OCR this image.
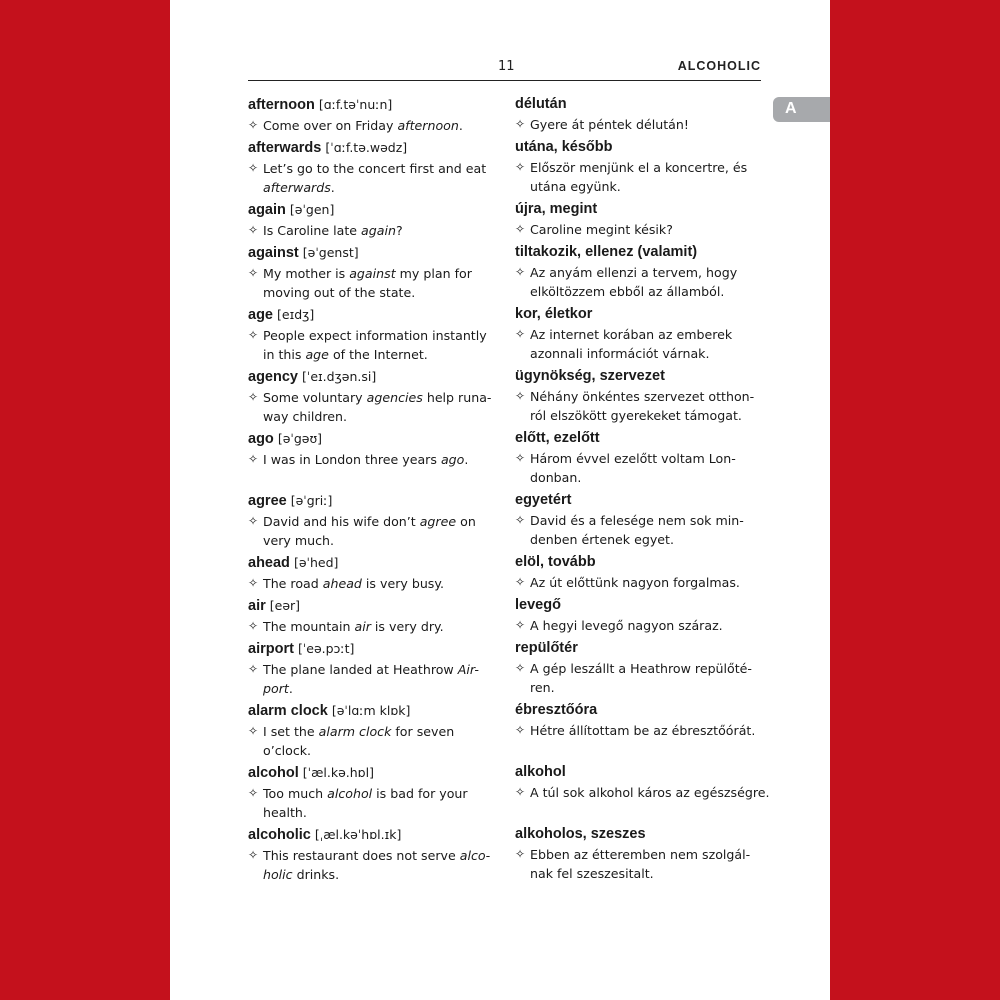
A
11	ALCOHOLIC
afternoon [ɑːf.təˈnuːn]
✧ Come over on Friday afternoon.
afterwards [ˈɑːf.tə.wədz]
✧ Let’s go to the concert first and eat
afterwards.
again [əˈgen]
✧ Is Caroline late again?
against [əˈgenst]
✧ My mother is against my plan for
moving out of the state.
age [eɪdʒ]
✧ People expect information instantly
in this age of the Internet.
agency [ˈeɪ.dʒən.si]
✧ Some voluntary agencies help runa-
way children.
ago [əˈgəʊ]
✧ I was in London three years ago.
agree [əˈgriː]
✧ David and his wife don’t agree on
very much.
ahead [əˈhed]
✧ The road ahead is very busy.
air [eər]
✧ The mountain air is very dry.
airport [ˈeə.pɔːt]
✧ The plane landed at Heathrow Air-
port.
alarm clock [əˈlɑːm klɒk]
✧ I set the alarm clock for seven
o’clock.
alcohol [ˈæl.kə.hɒl]
✧ Too much alcohol is bad for your
health.
alcoholic [ˌæl.kəˈhɒl.ɪk]
✧ This restaurant does not serve alco-
holic drinks.
délután
✧ Gyere át péntek délután!
utána, később
✧ Először menjünk el a koncertre, és
utána együnk.
újra, megint
✧ Caroline megint késik?
tiltakozik, ellenez (valamit)
✧ Az anyám ellenzi a tervem, hogy
elköltözzem ebből az államból.
kor, életkor
✧ Az internet korában az emberek
azonnali információt várnak.
ügynökség, szervezet
✧ Néhány önkéntes szervezet otthon-
ról elszökött gyerekeket támogat.
előtt, ezelőtt
✧ Három évvel ezelőtt voltam Lon-
donban.
egyetért
✧ David és a felesége nem sok min-
denben értenek egyet.
elöl, tovább
✧ Az út előttünk nagyon forgalmas.
levegő
✧ A hegyi levegő nagyon száraz.
repülőtér
✧ A gép leszállt a Heathrow repülőté-
ren.
ébresztőóra
✧ Hétre állítottam be az ébresztőórát.
alkohol
✧ A túl sok alkohol káros az egészségre.
alkoholos, szeszes
✧ Ebben az étteremben nem szolgál-
nak fel szeszesitalt.
